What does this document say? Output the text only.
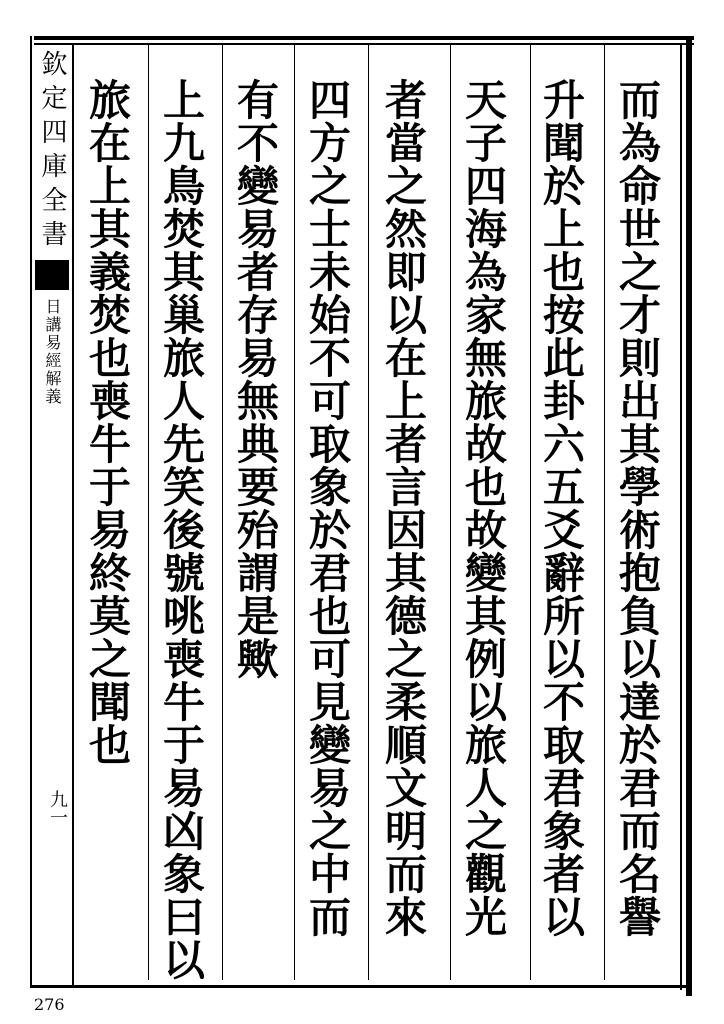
欽定四庫全書
日講易經解義
九一
276
而為命世之才則出其學術抱負以達於君而名譽
升聞於上也按此卦六五爻辭所以不取君象者以
天子四海為家無旅故也故變其例以旅人之觀光
者當之然即以在上者言因其德之柔順文明而來
四方之士未始不可取象於君也可見變易之中而
有不變易者存易無典要殆謂是歟
上九鳥焚其巢旅人先笑後號咷喪牛于易凶象曰以
旅在上其義焚也喪牛于易終莫之聞也
